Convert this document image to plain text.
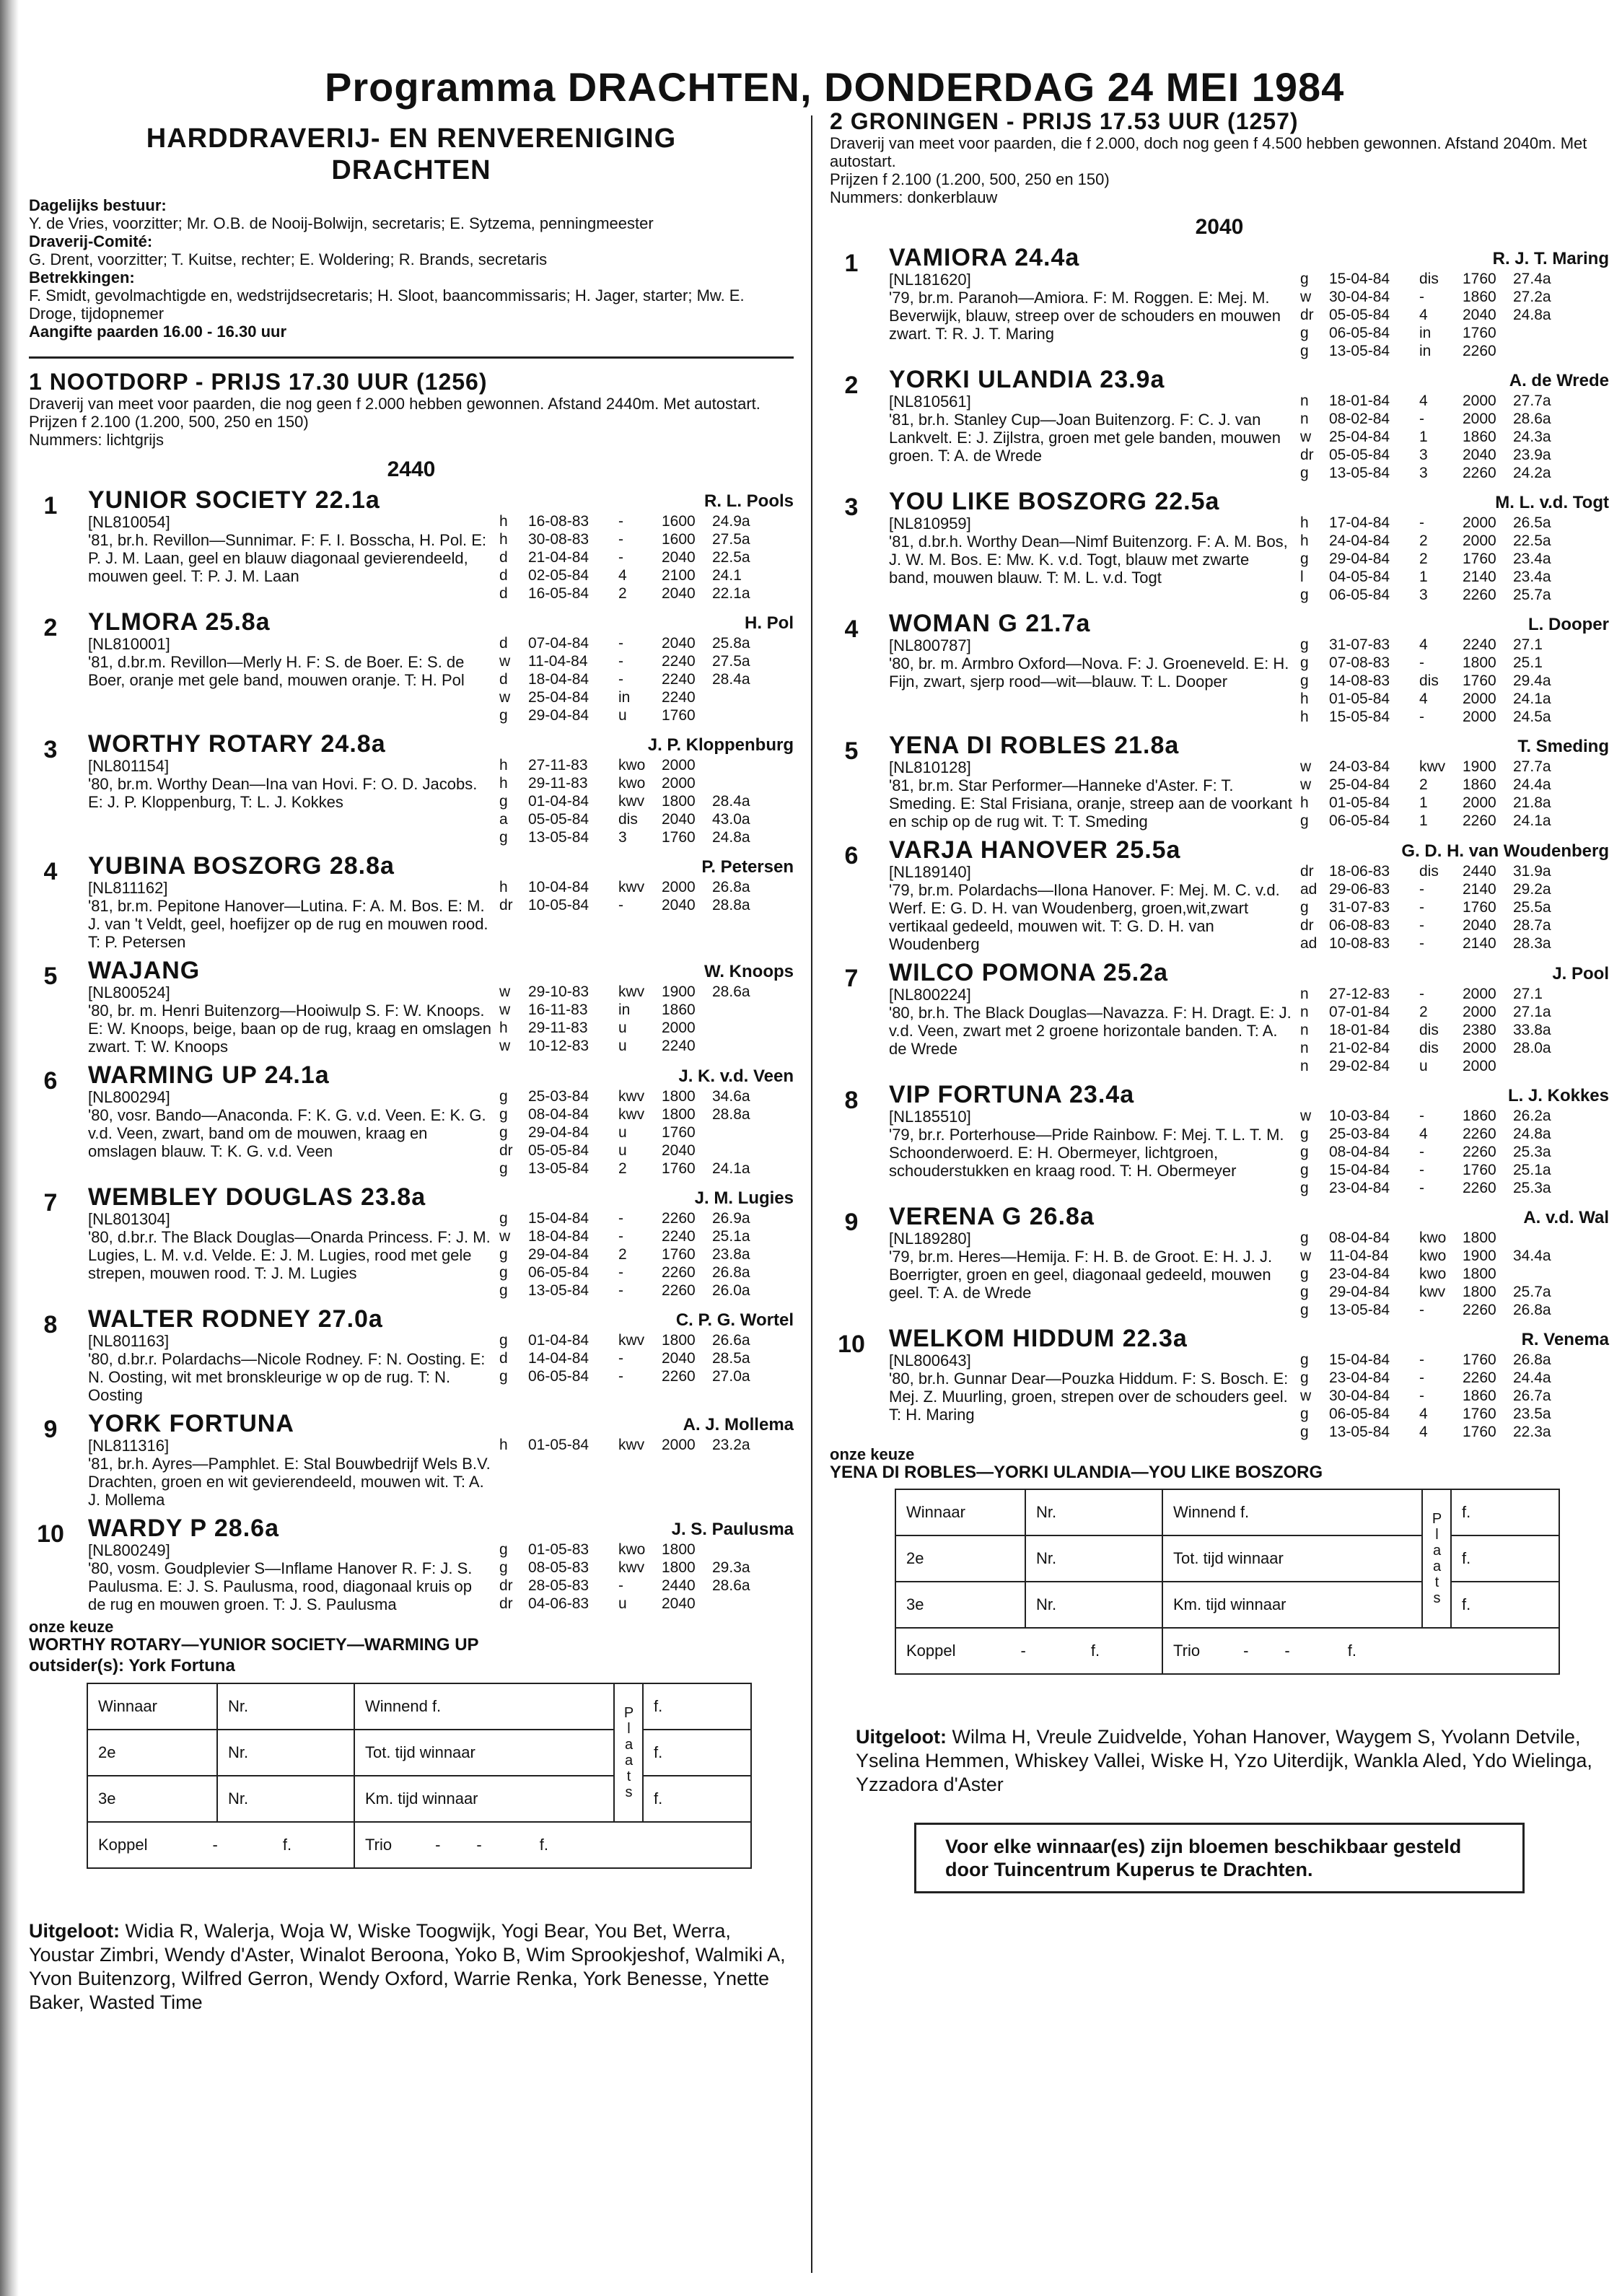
Programma DRACHTEN, DONDERDAG 24 MEI 1984
HARDDRAVERIJ- EN RENVERENIGING
DRACHTEN
Dagelijks bestuur:
Y. de Vries, voorzitter; Mr. O.B. de Nooij-Bolwijn, secretaris; E. Sytzema, penningmeester
Draverij-Comité:
G. Drent, voorzitter; T. Kuitse, rechter; E. Woldering; R. Brands, secretaris
Betrekkingen:
F. Smidt, gevolmachtigde en, wedstrijdsecretaris; H. Sloot, baancommissaris; H. Jager, starter; Mw. E. Droge, tijdopnemer
Aangifte paarden 16.00 - 16.30 uur
1 NOOTDORP - PRIJS 17.30 UUR (1256)
Draverij van meet voor paarden, die nog geen f 2.000 hebben gewonnen. Afstand 2440m. Met autostart.
Prijzen f 2.100 (1.200, 500, 250 en 150)
Nummers: lichtgrijs
2440
1	YUNIOR SOCIETY 22.1a
[NL810054]
'81, br.h. Revillon—Sunnimar. F: F. I. Bosscha, H. Pol. E: P. J. M. Laan, geel en blauw diagonaal gevierendeeld, mouwen geel. T: P. J. M. Laan
R. L. Pools
h	16-08-83	-	1600	24.9a
h	30-08-83	-	1600	27.5a
d	21-04-84	-	2040	22.5a
d	02-05-84	4	2100	24.1
d	16-05-84	2	2040	22.1a
2	YLMORA 25.8a
[NL810001]
'81, d.br.m. Revillon—Merly H. F: S. de Boer. E: S. de Boer, oranje met gele band, mouwen oranje. T: H. Pol
H. Pol
d	07-04-84	-	2040	25.8a
w	11-04-84	-	2240	27.5a
d	18-04-84	-	2240	28.4a
w	25-04-84	in	2240
g	29-04-84	u	1760
3	WORTHY ROTARY 24.8a
[NL801154]
'80, br.m. Worthy Dean—Ina van Hovi. F: O. D. Jacobs. E: J. P. Kloppenburg, T: L. J. Kokkes
J. P. Kloppenburg
h	27-11-83	kwo	2000
h	29-11-83	kwo	2000
g	01-04-84	kwv	1800	28.4a
a	05-05-84	dis	2040	43.0a
g	13-05-84	3	1760	24.8a
4	YUBINA BOSZORG 28.8a
[NL811162]
'81, br.m. Pepitone Hanover—Lutina. F: A. M. Bos. E: M. J. van 't Veldt, geel, hoefijzer op de rug en mouwen rood. T: P. Petersen
P. Petersen
h	10-04-84	kwv	2000	26.8a
dr	10-05-84	-	2040	28.8a
5	WAJANG
[NL800524]
'80, br. m. Henri Buitenzorg—Hooiwulp S. F: W. Knoops. E: W. Knoops, beige, baan op de rug, kraag en omslagen zwart. T: W. Knoops
W. Knoops
w	29-10-83	kwv	1900	28.6a
w	16-11-83	in	1860
h	29-11-83	u	2000
w	10-12-83	u	2240
6	WARMING UP 24.1a
[NL800294]
'80, vosr. Bando—Anaconda. F: K. G. v.d. Veen. E: K. G. v.d. Veen, zwart, band om de mouwen, kraag en omslagen blauw. T: K. G. v.d. Veen
J. K. v.d. Veen
g	25-03-84	kwv	1800	34.6a
g	08-04-84	kwv	1800	28.8a
g	29-04-84	u	1760
dr	05-05-84	u	2040
g	13-05-84	2	1760	24.1a
7	WEMBLEY DOUGLAS 23.8a
[NL801304]
'80, d.br.r. The Black Douglas—Onarda Princess. F: J. M. Lugies, L. M. v.d. Velde. E: J. M. Lugies, rood met gele strepen, mouwen rood. T: J. M. Lugies
J. M. Lugies
g	15-04-84	-	2260	26.9a
w	18-04-84	-	2240	25.1a
g	29-04-84	2	1760	23.8a
g	06-05-84	-	2260	26.8a
g	13-05-84	-	2260	26.0a
8	WALTER RODNEY 27.0a
[NL801163]
'80, d.br.r. Polardachs—Nicole Rodney. F: N. Oosting. E: N. Oosting, wit met bronskleurige w op de rug. T: N. Oosting
C. P. G. Wortel
g	01-04-84	kwv	1800	26.6a
d	14-04-84	-	2040	28.5a
g	06-05-84	-	2260	27.0a
9	YORK FORTUNA
[NL811316]
'81, br.h. Ayres—Pamphlet. E: Stal Bouwbedrijf Wels B.V. Drachten, groen en wit gevierendeeld, mouwen wit. T: A. J. Mollema
A. J. Mollema
h	01-05-84	kwv	2000	23.2a
10 WARDY P 28.6a
[NL800249]
'80, vosm. Goudplevier S—Inflame Hanover R. F: J. S. Paulusma. E: J. S. Paulusma, rood, diagonaal kruis op de rug en mouwen groen. T: J. S. Paulusma
J. S. Paulusma
g	01-05-83	kwo	1800
g	08-05-83	kwv	1800	29.3a
dr	28-05-83	-	2440	28.6a
dr	04-06-83	u	2040
onze keuze
WORTHY ROTARY—YUNIOR SOCIETY—WARMING UP
outsider(s): York Fortuna
Winnaar	Nr.	Winnend f.	Plaats	f.
2e	Nr.	Tot. tijd winnaar		f.
3e	Nr.	Km. tijd winnaar		f.
Koppel - f.		Trio - - f.		
Uitgeloot: Widia R, Walerja, Woja W, Wiske Toogwijk, Yogi Bear, You Bet, Werra, Youstar Zimbri, Wendy d'Aster, Winalot Beroona, Yoko B, Wim Sprookjeshof, Walmiki A, Yvon Buitenzorg, Wilfred Gerron, Wendy Oxford, Warrie Renka, York Benesse, Ynette Baker, Wasted Time
2 GRONINGEN - PRIJS 17.53 UUR (1257)
Draverij van meet voor paarden, die f 2.000, doch nog geen f 4.500 hebben gewonnen. Afstand 2040m. Met autostart.
Prijzen f 2.100 (1.200, 500, 250 en 150)
Nummers: donkerblauw
2040
1	VAMIORA 24.4a
[NL181620]
'79, br.m. Paranoh—Amiora. F: M. Roggen. E: Mej. M. Beverwijk, blauw, streep over de schouders en mouwen zwart. T: R. J. T. Maring
R. J. T. Maring
g	15-04-84	dis	1760	27.4a
w	30-04-84	-	1860	27.2a
dr	05-05-84	4	2040	24.8a
g	06-05-84	in	1760
g	13-05-84	in	2260
2	YORKI ULANDIA 23.9a
[NL810561]
'81, br.h. Stanley Cup—Joan Buitenzorg. F: C. J. van Lankvelt. E: J. Zijlstra, groen met gele banden, mouwen groen. T: A. de Wrede
A. de Wrede
n	18-01-84	4	2000	27.7a
n	08-02-84	-	2000	28.6a
w	25-04-84	1	1860	24.3a
dr	05-05-84	3	2040	23.9a
g	13-05-84	3	2260	24.2a
3	YOU LIKE BOSZORG 22.5a
[NL810959]
'81, d.br.h. Worthy Dean—Nimf Buitenzorg. F: A. M. Bos, J. W. M. Bos. E: Mw. K. v.d. Togt, blauw met zwarte band, mouwen blauw. T: M. L. v.d. Togt
M. L. v.d. Togt
h	17-04-84	-	2000	26.5a
h	24-04-84	2	2000	22.5a
g	29-04-84	2	1760	23.4a
l	04-05-84	1	2140	23.4a
g	06-05-84	3	2260	25.7a
4	WOMAN G 21.7a
[NL800787]
'80, br. m. Armbro Oxford—Nova. F: J. Groeneveld. E: H. Fijn, zwart, sjerp rood—wit—blauw. T: L. Dooper
L. Dooper
g	31-07-83	4	2240	27.1
g	07-08-83	-	1800	25.1
g	14-08-83	dis	1760	29.4a
h	01-05-84	4	2000	24.1a
h	15-05-84	-	2000	24.5a
5	YENA DI ROBLES 21.8a
[NL810128]
'81, br.m. Star Performer—Hanneke d'Aster. F: T. Smeding. E: Stal Frisiana, oranje, streep aan de voorkant en schip op de rug wit. T: T. Smeding
T. Smeding
w	24-03-84	kwv	1900	27.7a
w	25-04-84	2	1860	24.4a
h	01-05-84	1	2000	21.8a
g	06-05-84	1	2260	24.1a
6	VARJA HANOVER 25.5a
[NL189140]
'79, br.m. Polardachs—Ilona Hanover. F: Mej. M. C. v.d. Werf. E: G. D. H. van Woudenberg, groen,wit,zwart vertikaal gedeeld, mouwen wit. T: G. D. H. van Woudenberg
G. D. H. van Woudenberg
dr	18-06-83	dis	2440	31.9a
ad 29-06-83	-	2140	29.2a
g	31-07-83	-	1760	25.5a
dr	06-08-83	-	2040	28.7a
ad 10-08-83	-	2140	28.3a
7	WILCO POMONA 25.2a
[NL800224]
'80, br.h. The Black Douglas—Navazza. F: H. Dragt. E: J. v.d. Veen, zwart met 2 groene horizontale banden. T: A. de Wrede
J. Pool
n	27-12-83	-	2000	27.1
n	07-01-84	2	2000	27.1a
n	18-01-84	dis	2380	33.8a
n	21-02-84	dis	2000	28.0a
n	29-02-84	u	2000
8	VIP FORTUNA 23.4a
[NL185510]
'79, br.r. Porterhouse—Pride Rainbow. F: Mej. T. L. T. M. Schoonderwoerd. E: H. Obermeyer, lichtgroen, schouderstukken en kraag rood. T: H. Obermeyer
L. J. Kokkes
w	10-03-84	-	1860	26.2a
g	25-03-84	4	2260	24.8a
g	08-04-84	-	2260	25.3a
g	15-04-84	-	1760	25.1a
g	23-04-84	-	2260	25.3a
9	VERENA G 26.8a
[NL189280]
'79, br.m. Heres—Hemija. F: H. B. de Groot. E: H. J. J. Boerrigter, groen en geel, diagonaal gedeeld, mouwen geel. T: A. de Wrede
A. v.d. Wal
g	08-04-84	kwo	1800
w	11-04-84	kwo	1900	34.4a
g	23-04-84	kwo	1800
g	29-04-84	kwv	1800	25.7a
g	13-05-84	-	2260	26.8a
10 WELKOM HIDDUM 22.3a
[NL800643]
'80, br.h. Gunnar Dear—Pouzka Hiddum. F: S. Bosch. E: Mej. Z. Muurling, groen, strepen over de schouders geel. T: H. Maring
R. Venema
g	15-04-84	-	1760	26.8a
g	23-04-84	-	2260	24.4a
w	30-04-84	-	1860	26.7a
g	06-05-84	4	1760	23.5a
g	13-05-84	4	1760	22.3a
onze keuze
YENA DI ROBLES—YORKI ULANDIA—YOU LIKE BOSZORG
Winnaar	Nr.	Winnend f.	Plaats	f.
2e	Nr.	Tot. tijd winnaar		f.
3e	Nr.	Km. tijd winnaar		f.
Koppel - f.		Trio - - f.		
Uitgeloot: Wilma H, Vreule Zuidvelde, Yohan Hanover, Waygem S, Yvolann Detvile, Yselina Hemmen, Whiskey Vallei, Wiske H, Yzo Uiterdijk, Wankla Aled, Ydo Wielinga, Yzzadora d'Aster
Voor elke winnaar(es) zijn bloemen beschikbaar gesteld door Tuincentrum Kuperus te Drachten.
